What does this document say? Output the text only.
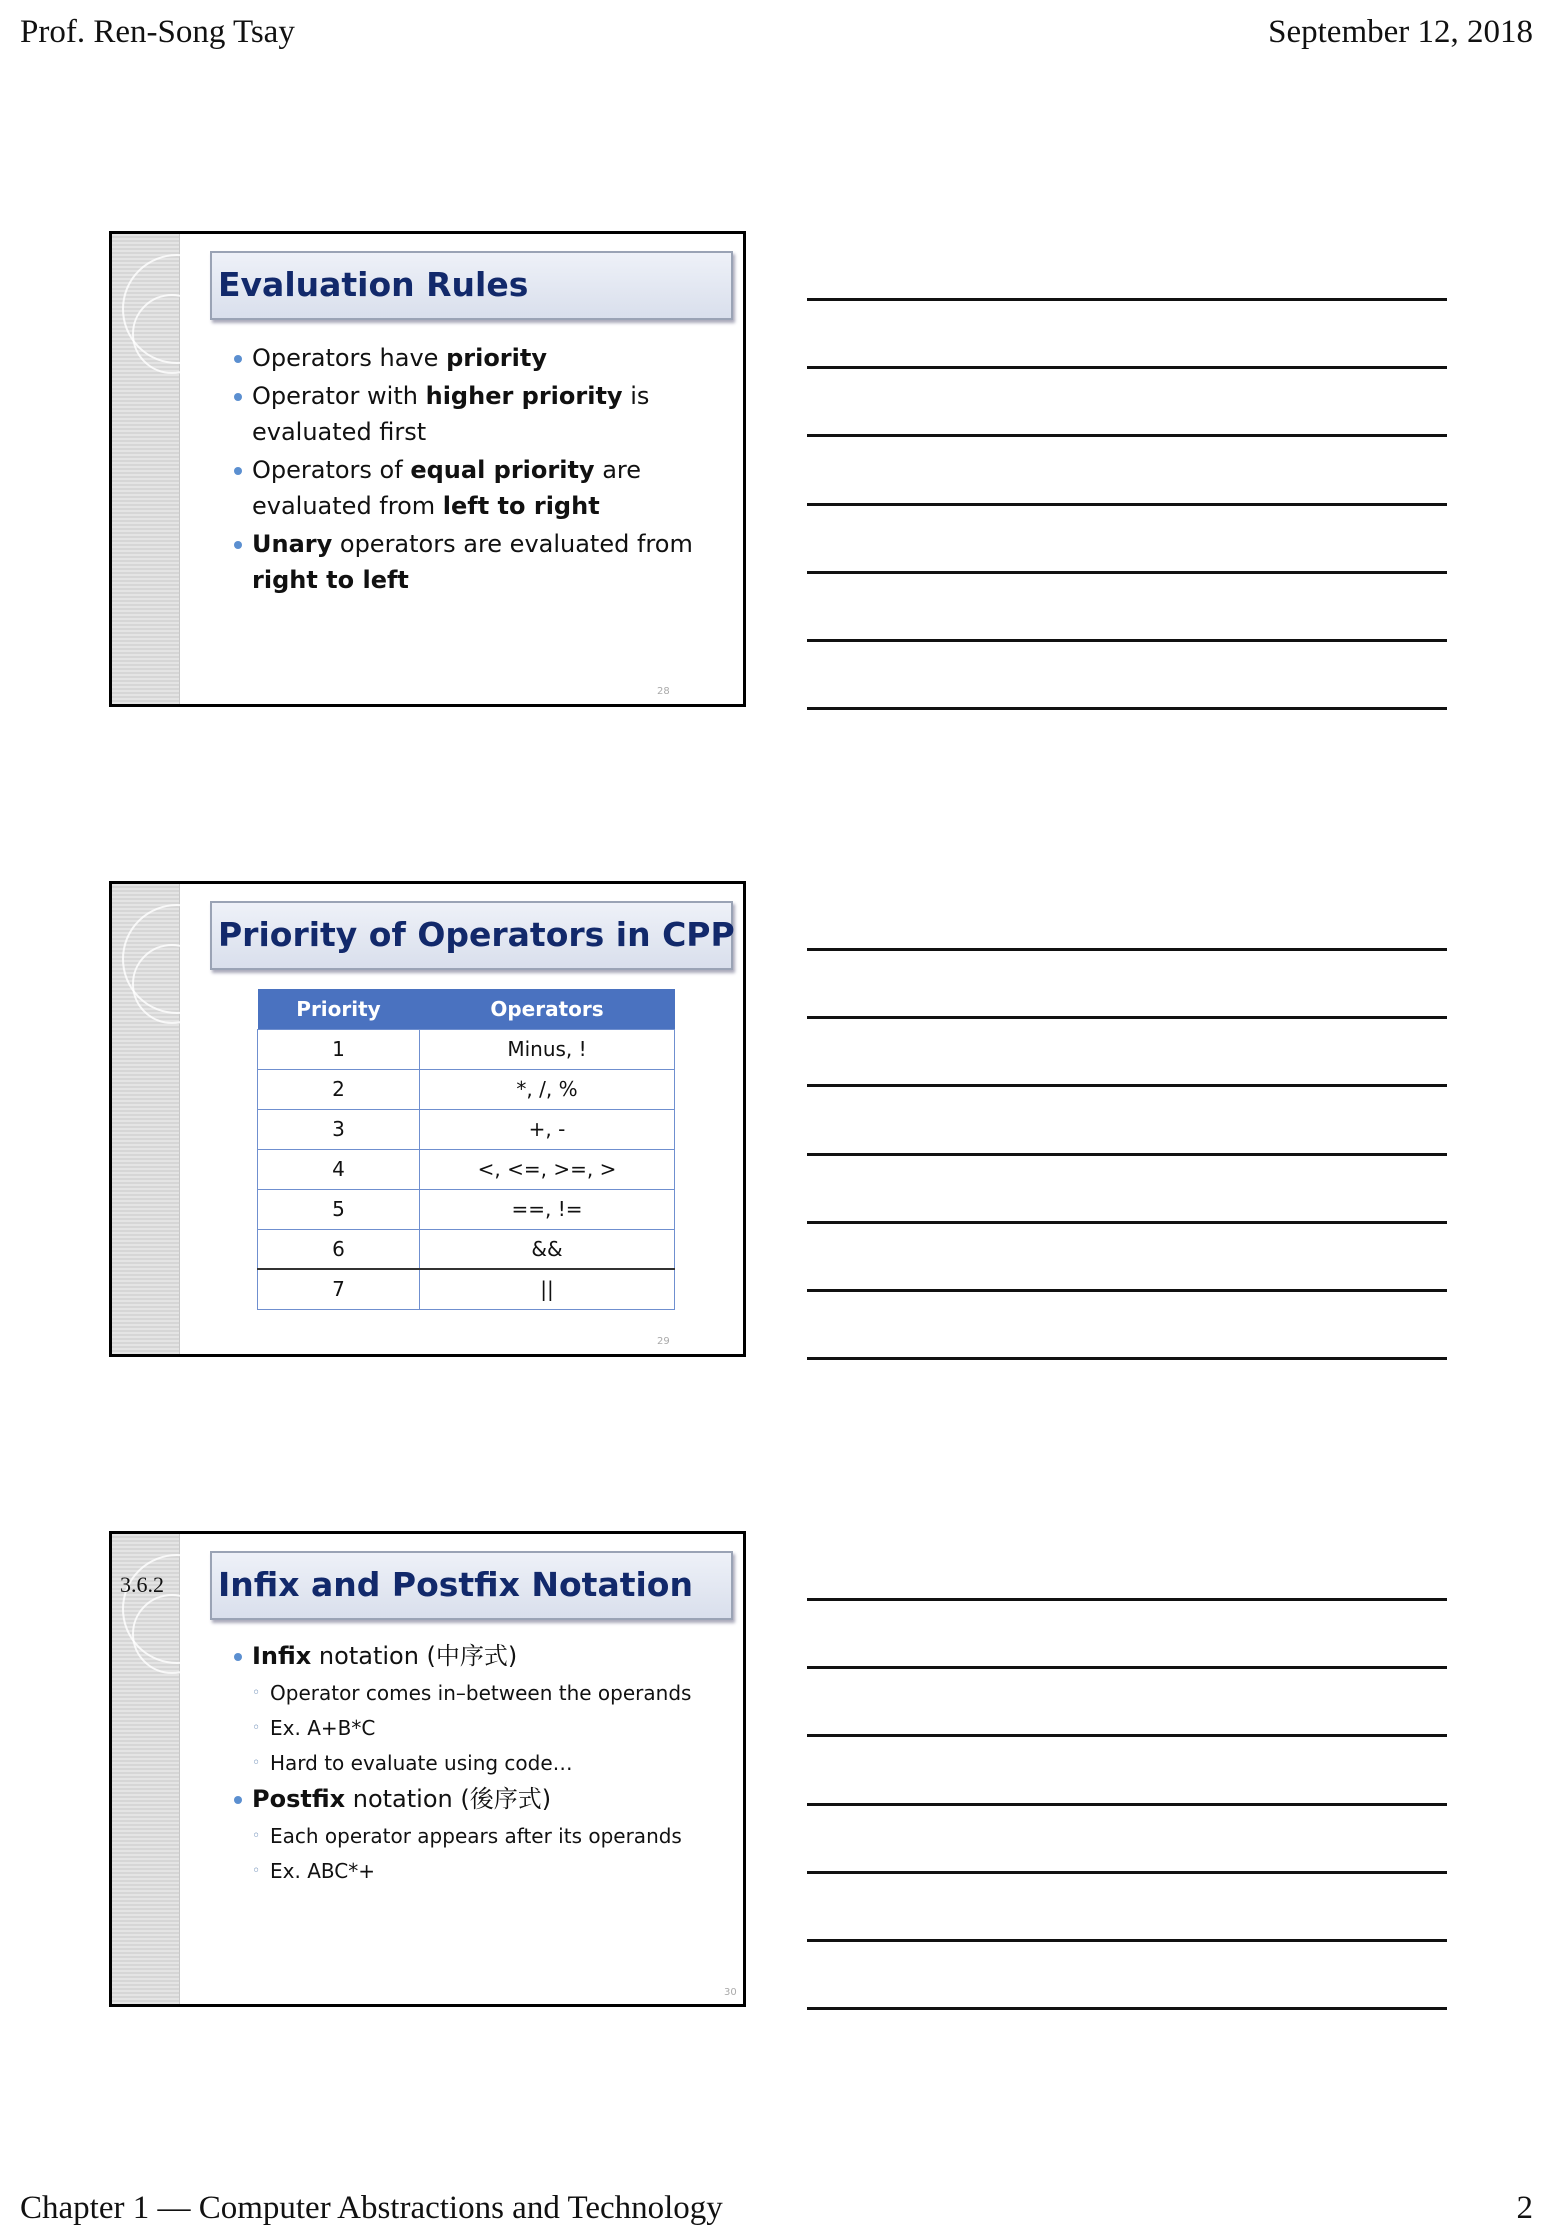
Prof. Ren-Song Tsay	September 12, 2018
Evaluation Rules
Operators have priority
Operator with higher priority is evaluated first
Operators of equal priority are evaluated from left to right
Unary operators are evaluated from right to left
28
Priority of Operators in CPP
Priority	Operators
1	Minus, !
2	*, /, %
3	+, -
4	<, <=, >=, >
5	==, !=
6	&&
7	||
29
3.6.2 Infix and Postfix Notation
Infix notation (中序式)
◦ Operator comes in–between the operands
◦ Ex. A+B*C
◦ Hard to evaluate using code…
Postfix notation (後序式)
◦ Each operator appears after its operands
◦ Ex. ABC*+
30
Chapter 1 — Computer Abstractions and Technology	2
